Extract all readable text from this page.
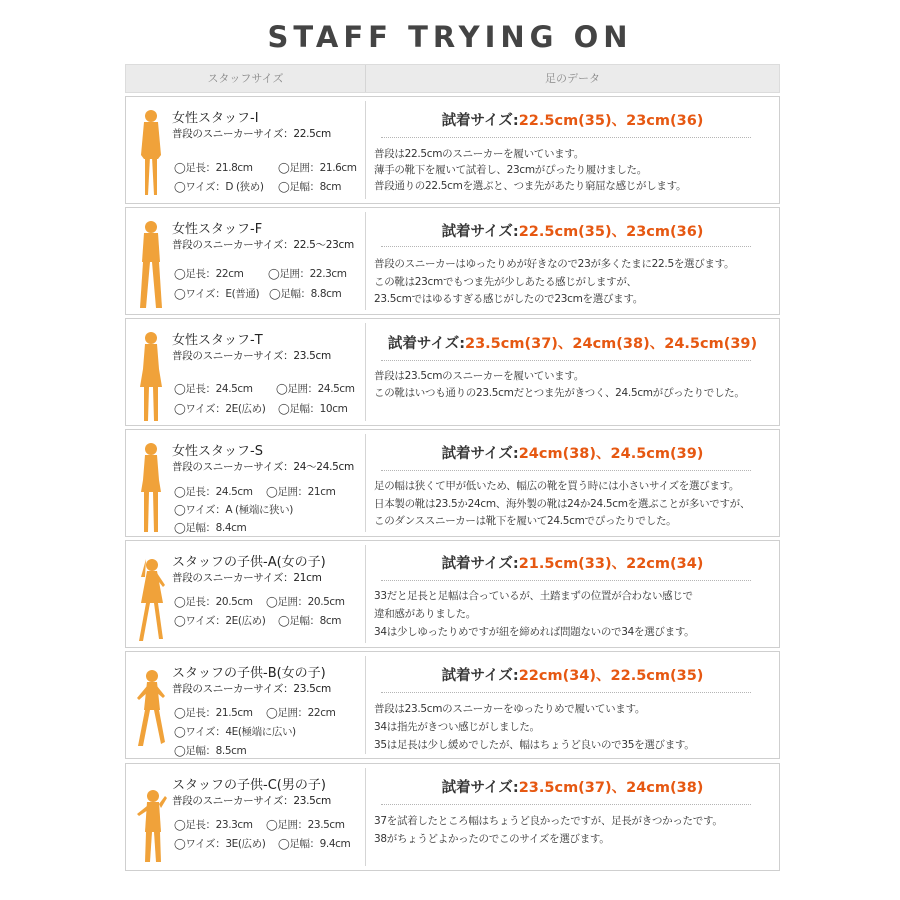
STAFF TRYING ON
スタッフサイズ	足のデータ
女性スタッフ-I
普段のスニーカーサイズ：22.5cm
◯足長：21.8cm ◯足囲：21.6cm
◯ワイズ：D (狭め) ◯足幅：8cm
試着サイズ:22.5cm(35)、23cm(36)
普段は22.5cmのスニーカーを履いています。
薄手の靴下を履いて試着し、23cmがぴったり履けました。
普段通りの22.5cmを選ぶと、つま先があたり窮屈な感じがします。
女性スタッフ-F
普段のスニーカーサイズ：22.5〜23cm
◯足長：22cm ◯足囲：22.3cm
◯ワイズ：E(普通) ◯足幅：8.8cm
試着サイズ:22.5cm(35)、23cm(36)
普段のスニーカーはゆったりめが好きなので23が多くたまに22.5を選びます。
この靴は23cmでもつま先が少しあたる感じがしますが、
23.5cmではゆるすぎる感じがしたので23cmを選びます。
女性スタッフ-T
普段のスニーカーサイズ：23.5cm
◯足長：24.5cm ◯足囲：24.5cm
◯ワイズ：2E(広め) ◯足幅：10cm
試着サイズ:23.5cm(37)、24cm(38)、24.5cm(39)
普段は23.5cmのスニーカーを履いています。
この靴はいつも通りの23.5cmだとつま先がきつく、24.5cmがぴったりでした。
女性スタッフ-S
普段のスニーカーサイズ：24〜24.5cm
◯足長：24.5cm ◯足囲：21cm
◯ワイズ：A (極端に狭い)
◯足幅：8.4cm
試着サイズ:24cm(38)、24.5cm(39)
足の幅は狭くて甲が低いため、幅広の靴を買う時には小さいサイズを選びます。
日本製の靴は23.5か24cm、海外製の靴は24か24.5cmを選ぶことが多いですが、
このダンススニーカーは靴下を履いて24.5cmでぴったりでした。
スタッフの子供-A(女の子)
普段のスニーカーサイズ：21cm
◯足長：20.5cm ◯足囲：20.5cm
◯ワイズ：2E(広め) ◯足幅：8cm
試着サイズ:21.5cm(33)、22cm(34)
33だと足長と足幅は合っているが、土踏まずの位置が合わない感じで
違和感がありました。
34は少しゆったりめですが紐を締めれば問題ないので34を選びます。
スタッフの子供-B(女の子)
普段のスニーカーサイズ：23.5cm
◯足長：21.5cm ◯足囲：22cm
◯ワイズ：4E(極端に広い)
◯足幅：8.5cm
試着サイズ:22cm(34)、22.5cm(35)
普段は23.5cmのスニーカーをゆったりめで履いています。
34は指先がきつい感じがしました。
35は足長は少し緩めでしたが、幅はちょうど良いので35を選びます。
スタッフの子供-C(男の子)
普段のスニーカーサイズ：23.5cm
◯足長：23.3cm ◯足囲：23.5cm
◯ワイズ：3E(広め) ◯足幅：9.4cm
試着サイズ:23.5cm(37)、24cm(38)
37を試着したところ幅はちょうど良かったですが、足長がきつかったです。
38がちょうどよかったのでこのサイズを選びます。
